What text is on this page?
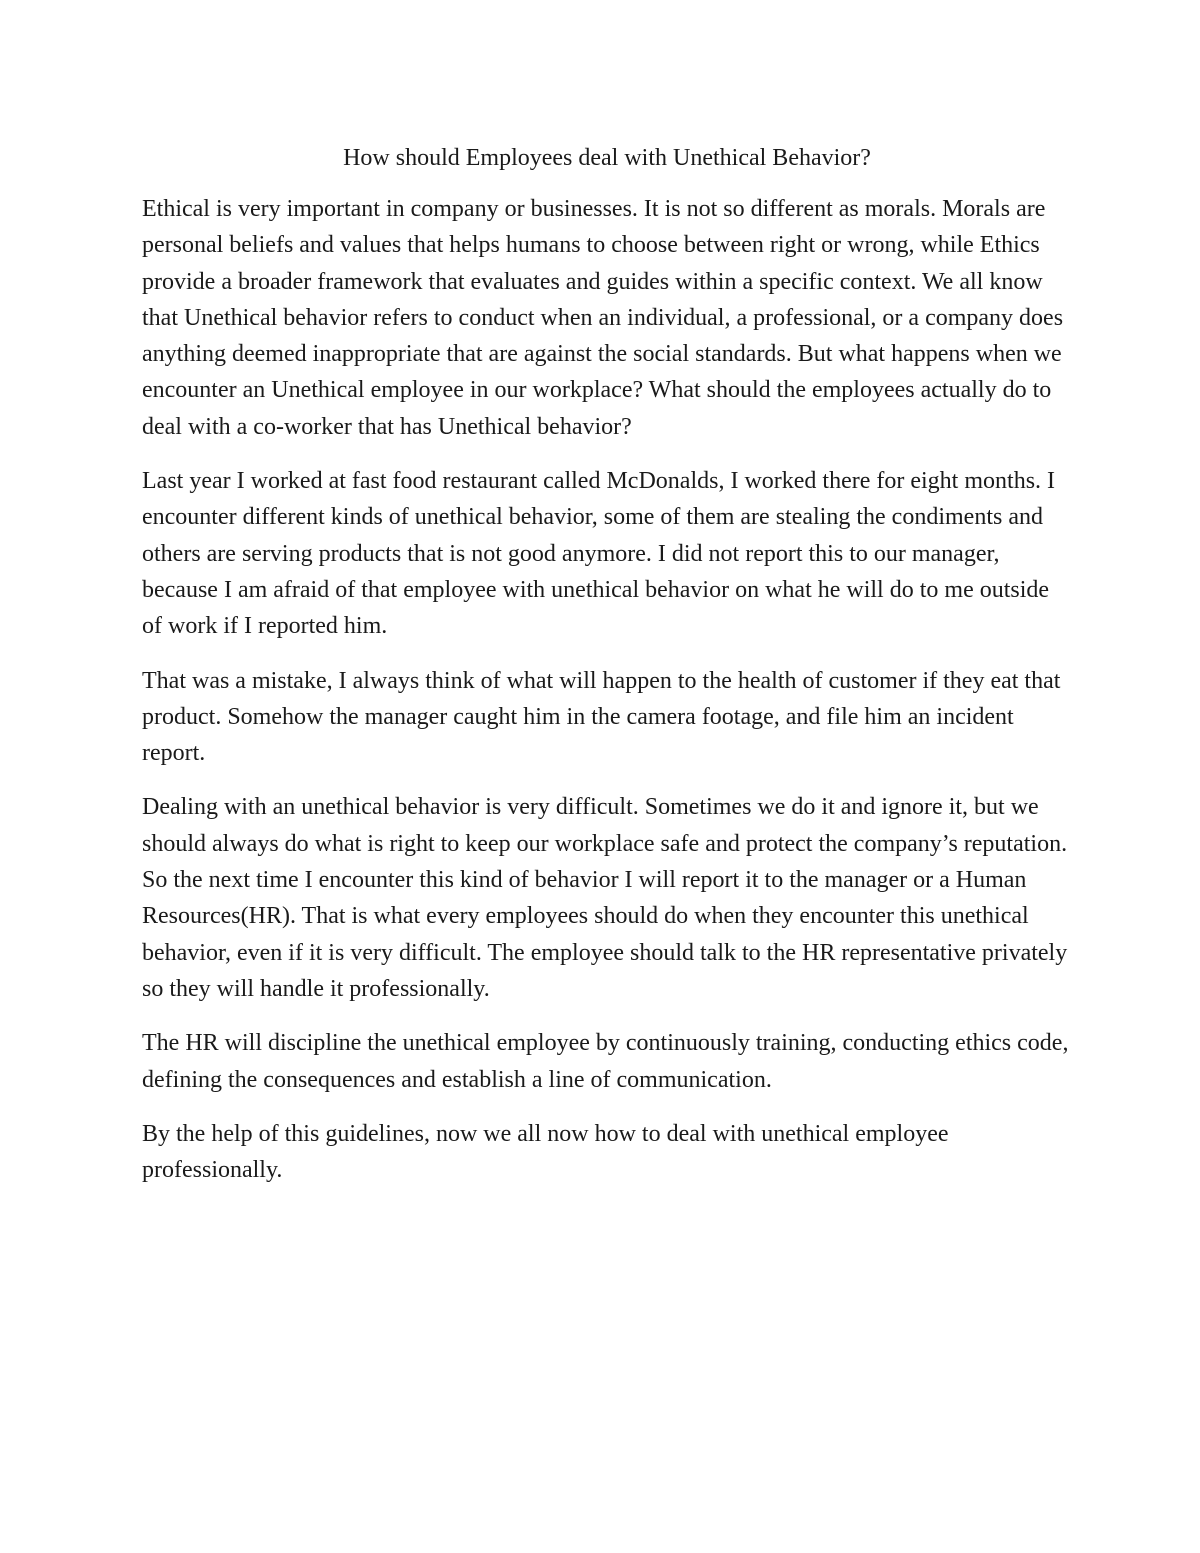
How should Employees deal with Unethical Behavior?

Ethical is very important in company or businesses. It is not so different as morals. Morals are personal beliefs and values that helps humans to choose between right or wrong, while Ethics provide a broader framework that evaluates and guides within a specific context. We all know that Unethical behavior refers to conduct when an individual, a professional, or a company does anything deemed inappropriate that are against the social standards. But what happens when we encounter an Unethical employee in our workplace? What should the employees actually do to deal with a co-worker that has Unethical behavior?

Last year I worked at fast food restaurant called McDonalds, I worked there for eight months. I encounter different kinds of unethical behavior, some of them are stealing the condiments and others are serving products that is not good anymore. I did not report this to our manager, because I am afraid of that employee with unethical behavior on what he will do to me outside of work if I reported him.

That was a mistake, I always think of what will happen to the health of customer if they eat that product. Somehow the manager caught him in the camera footage, and file him an incident report.

Dealing with an unethical behavior is very difficult. Sometimes we do it and ignore it, but we should always do what is right to keep our workplace safe and protect the company’s reputation. So the next time I encounter this kind of behavior I will report it to the manager or a Human Resources(HR). That is what every employees should do when they encounter this unethical behavior, even if it is very difficult. The employee should talk to the HR representative privately so they will handle it professionally.

The HR will discipline the unethical employee by continuously training, conducting ethics code, defining the consequences and establish a line of communication.

By the help of this guidelines, now we all now how to deal with unethical employee professionally.
